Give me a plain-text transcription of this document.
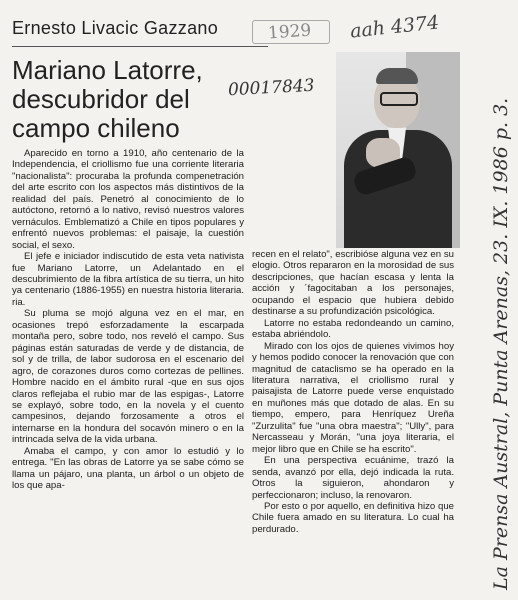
Ernesto Livacic Gazzano	1929 aah 4374
Mariano Latorre, descubridor del campo chileno
00017843

Aparecido en torno a 1910, año centenario de la Independencia, el criollismo fue una corriente literaria "nacionalista": procuraba la profunda compenetración del arte escrito con los aspectos más distintivos de la realidad del país. Penetró al conocimiento de lo autóctono, retornó a lo nativo, revisó nuestros valores vernáculos. Emblematizó a Chile en tipos populares y enfrentó nuevos problemas: el paisaje, la cuestión social, el sexo.

El jefe e iniciador indiscutido de esta veta nativista fue Mariano Latorre, un Adelantado en el descubrimiento de la fibra artística de su tierra, un hito ya centenario (1886-1955) en nuestra historia literaria. ria.

Su pluma se mojó alguna vez en el mar, en ocasiones trepó esforzadamente la escarpada montaña pero, sobre todo, nos reveló el campo. Sus páginas están saturadas de verde y de distancia, de sol y de trilla, de labor sudorosa en el escenario del agro, de corazones duros como cortezas de pellines. Hombre nacido en el ámbito rural -que en sus ojos claros reflejaba el rubio mar de las espigas-, Latorre se explayó, sobre todo, en la novela y el cuento campesinos, dejando forzosamente a otros el internarse en la hondura del socavón minero o en la intrincada selva de la vida urbana.

Amaba el campo, y con amor lo estudió y lo entrega. "En las obras de Latorre ya se sabe cómo se llama un pájaro, una planta, un árbol o un objeto de los que apa-

recen en el relato", escribióse alguna vez en su elogio. Otros repararon en la morosidad de sus descripciones, que hacían escasa y lenta la acción y ´fagocitaban a los personajes, ocupando el espacio que hubiera debido destinarse a su profundización psicológica.

Latorre no estaba redondeando un camino, estaba abriéndolo.

Mirado con los ojos de quienes vivimos hoy y hemos podido conocer la renovación que con magnitud de cataclismo se ha operado en la literatura narrativa, el criollismo rural y paisajista de Latorre puede verse enquistado en muñones más que dotado de alas. En su tiempo, empero, para Henríquez Ureña "Zurzulita" fue "una obra maestra"; "Ully", para Nercasseau y Morán, "una joya literaria, el mejor libro que en Chile se ha escrito".

En una perspectiva ecuánime, trazó la senda, avanzó por ella, dejó indicada la ruta. Otros la siguieron, ahondaron y perfeccionaron; incluso, la renovaron.

Por esto o por aquello, en definitiva hizo que Chile fuera amado en su literatura. Lo cual ha perdurado.	La Prensa Austral, Punta Arenas, 23. IX. 1986 p. 3.
